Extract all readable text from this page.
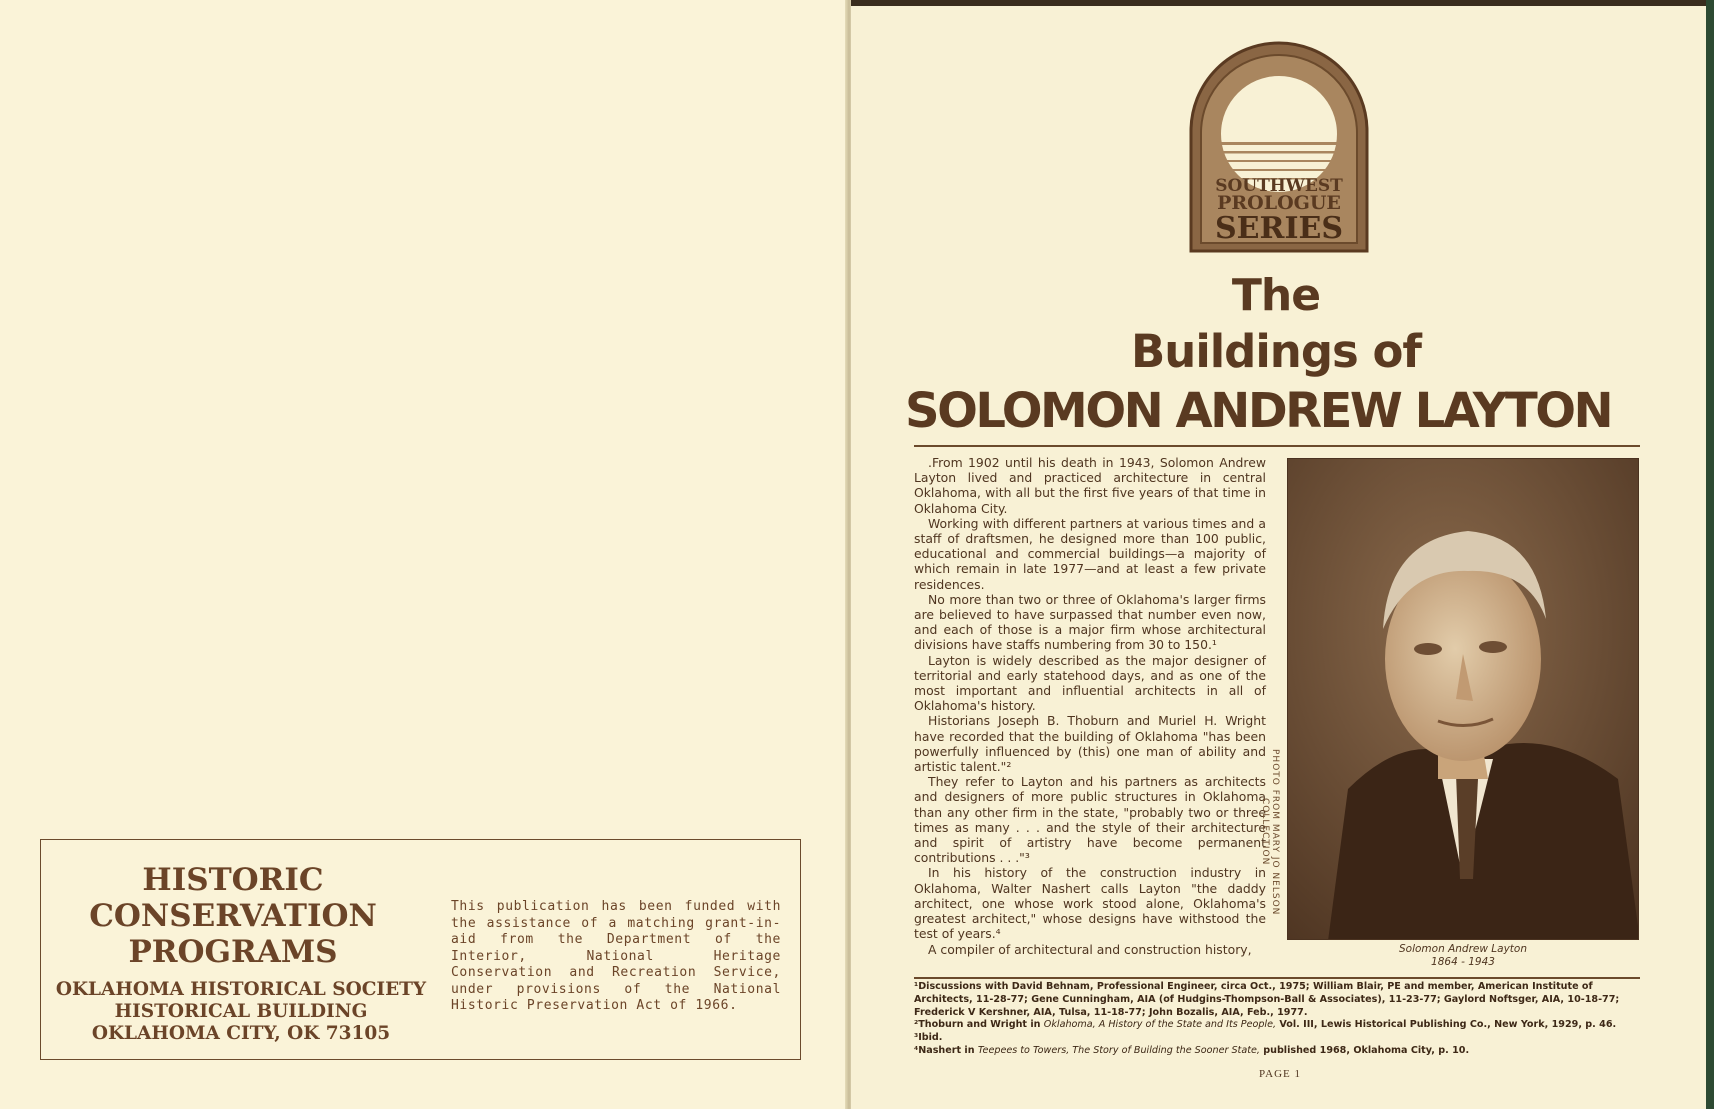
HISTORIC
CONSERVATION
PROGRAMS
OKLAHOMA HISTORICAL SOCIETY
HISTORICAL BUILDING
OKLAHOMA CITY, OK 73105
This publication has been funded with the assistance of a matching grant-in-aid from the Department of the Interior, National Heritage Conservation and Recreation Service, under provisions of the National Historic Preservation Act of 1966.
SOUTHWEST
PROLOGUE
SERIES
The
Buildings of
SOLOMON ANDREW LAYTON

.From 1902 until his death in 1943, Solomon Andrew Layton lived and practiced architecture in central Oklahoma, with all but the first five years of that time in Oklahoma City.

Working with different partners at various times and a staff of draftsmen, he designed more than 100 public, educational and commercial buildings—a majority of which remain in late 1977—and at least a few private residences.

No more than two or three of Oklahoma's larger firms are believed to have surpassed that number even now, and each of those is a major firm whose architectural divisions have staffs numbering from 30 to 150.¹

Layton is widely described as the major designer of territorial and early statehood days, and as one of the most important and influential architects in all of Oklahoma's history.

Historians Joseph B. Thoburn and Muriel H. Wright have recorded that the building of Oklahoma "has been powerfully influenced by (this) one man of ability and artistic talent."²

They refer to Layton and his partners as architects and designers of more public structures in Oklahoma than any other firm in the state, "probably two or three times as many . . . and the style of their architecture and spirit of artistry have become permanent contributions . . ."³

In his history of the construction industry in Oklahoma, Walter Nashert calls Layton "the daddy architect, one whose work stood alone, Oklahoma's greatest architect," whose designs have withstood the test of years.⁴

A compiler of architectural and construction history,

PHOTO FROM MARY JO NELSON COLLECTION
Solomon Andrew Layton
1864 - 1943

¹Discussions with David Behnam, Professional Engineer, circa Oct., 1975; William Blair, PE and member, American Institute of Architects, 11-28-77; Gene Cunningham, AIA (of Hudgins-Thompson-Ball & Associates), 11-23-77; Gaylord Noftsger, AIA, 10-18-77; Frederick V Kershner, AIA, Tulsa, 11-18-77; John Bozalis, AIA, Feb., 1977.

²Thoburn and Wright in Oklahoma, A History of the State and Its People, Vol. III, Lewis Historical Publishing Co., New York, 1929, p. 46.

³Ibid.

⁴Nashert in Teepees to Towers, The Story of Building the Sooner State, published 1968, Oklahoma City, p. 10.

PAGE 1
